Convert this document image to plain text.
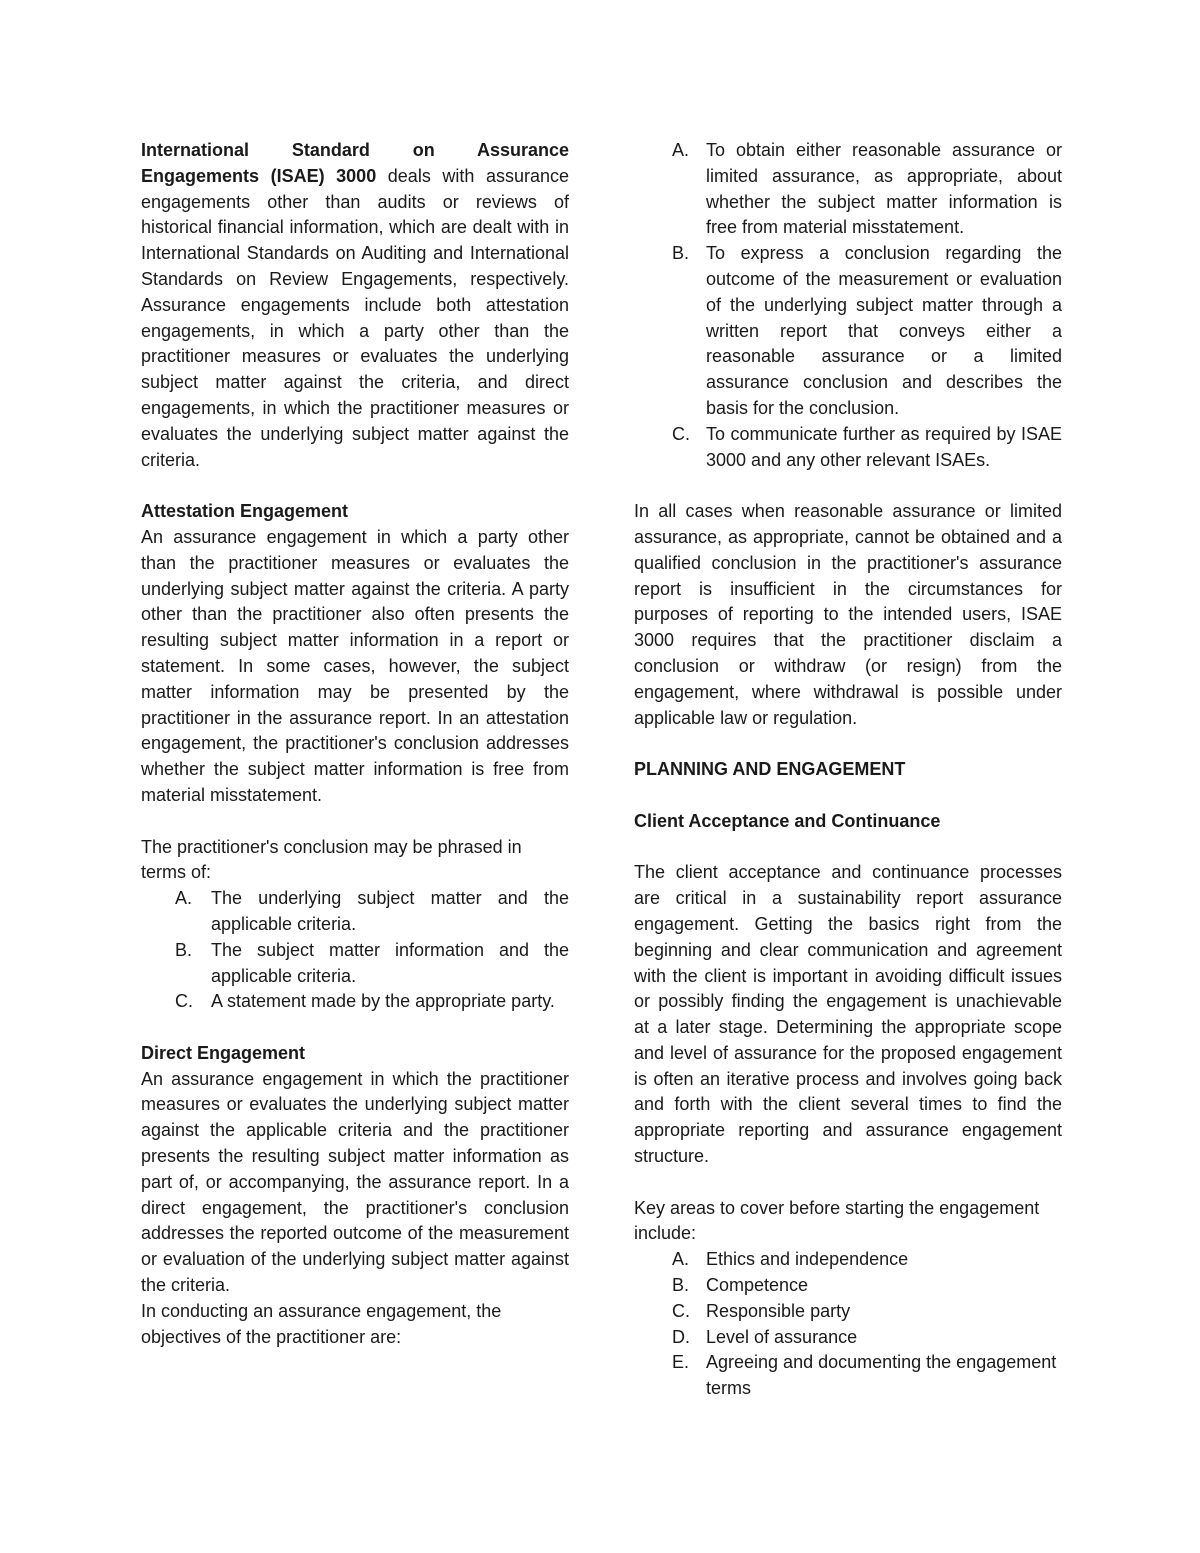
International Standard on Assurance Engagements (ISAE) 3000 deals with assurance engagements other than audits or reviews of historical financial information, which are dealt with in International Standards on Auditing and International Standards on Review Engagements, respectively. Assurance engagements include both attestation engagements, in which a party other than the practitioner measures or evaluates the underlying subject matter against the criteria, and direct engagements, in which the practitioner measures or evaluates the underlying subject matter against the criteria.

Attestation Engagement

An assurance engagement in which a party other than the practitioner measures or evaluates the underlying subject matter against the criteria. A party other than the practitioner also often presents the resulting subject matter information in a report or statement. In some cases, however, the subject matter information may be presented by the practitioner in the assurance report. In an attestation engagement, the practitioner's conclusion addresses whether the subject matter information is free from material misstatement.

The practitioner's conclusion may be phrased in terms of:

A.	The underlying subject matter and the applicable criteria.
B.	The subject matter information and the applicable criteria.
C.	A statement made by the appropriate party.
Direct Engagement

An assurance engagement in which the practitioner measures or evaluates the underlying subject matter against the applicable criteria and the practitioner presents the resulting subject matter information as part of, or accompanying, the assurance report. In a direct engagement, the practitioner's conclusion addresses the reported outcome of the measurement or evaluation of the underlying subject matter against the criteria.

In conducting an assurance engagement, the objectives of the practitioner are:

A. To obtain either reasonable assurance or limited assurance, as appropriate, about whether the subject matter information is free from material misstatement.
B. To express a conclusion regarding the outcome of the measurement or evaluation of the underlying subject matter through a written report that conveys either a reasonable assurance or a limited assurance conclusion and describes the basis for the conclusion.
C. To communicate further as required by ISAE 3000 and any other relevant ISAEs.

In all cases when reasonable assurance or limited assurance, as appropriate, cannot be obtained and a qualified conclusion in the practitioner's assurance report is insufficient in the circumstances for purposes of reporting to the intended users, ISAE 3000 requires that the practitioner disclaim a conclusion or withdraw (or resign) from the engagement, where withdrawal is possible under applicable law or regulation.

PLANNING AND ENGAGEMENT
Client Acceptance and Continuance

The client acceptance and continuance processes are critical in a sustainability report assurance engagement. Getting the basics right from the beginning and clear communication and agreement with the client is important in avoiding difficult issues or possibly finding the engagement is unachievable at a later stage. Determining the appropriate scope and level of assurance for the proposed engagement is often an iterative process and involves going back and forth with the client several times to find the appropriate reporting and assurance engagement structure.

Key areas to cover before starting the engagement include:

A. Ethics and independence
B. Competence
C. Responsible party
D. Level of assurance
E. Agreeing and documenting the engagement terms
